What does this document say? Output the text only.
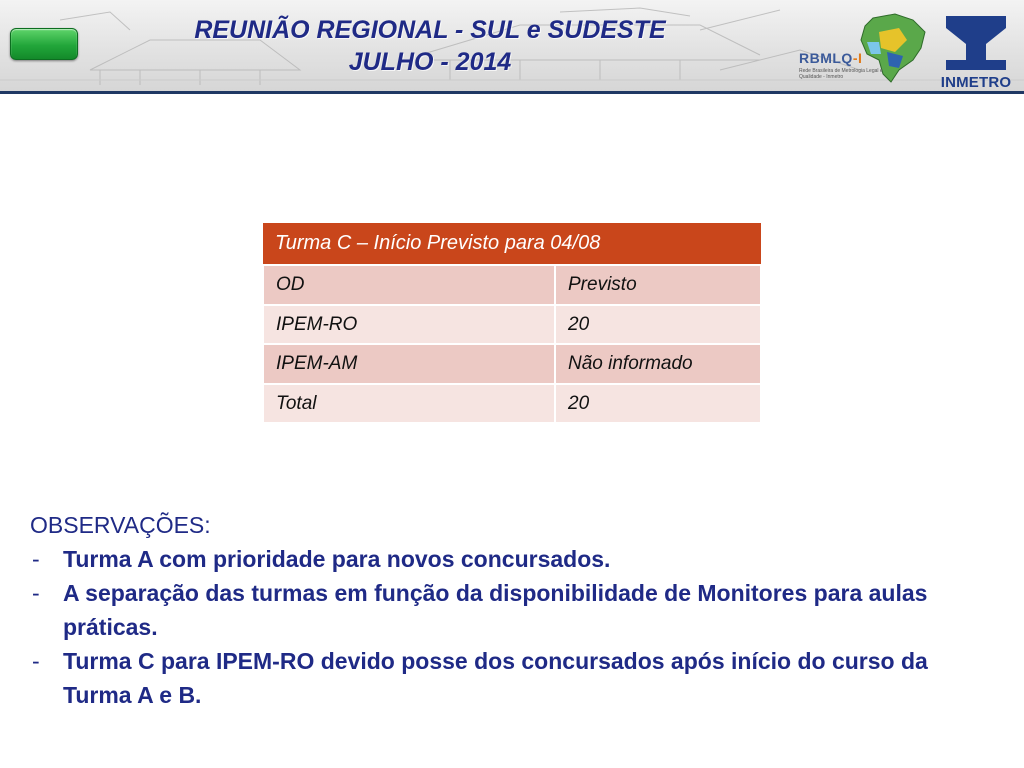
REUNIÃO REGIONAL - SUL e SUDESTE
JULHO - 2014	RBMLQ-I
Rede Brasileira de Metrologia Legal e Qualidade - Inmetro	INMETRO
Turma C – Início Previsto para 04/08	
OD	Previsto
IPEM-RO	20
IPEM-AM	Não informado
Total	20
OBSERVAÇÕES:
- Turma A com prioridade para novos concursados.
- A separação das turmas em função da disponibilidade de Monitores para aulas práticas.
- Turma C para IPEM-RO devido posse dos concursados após início do curso da Turma A e B.
